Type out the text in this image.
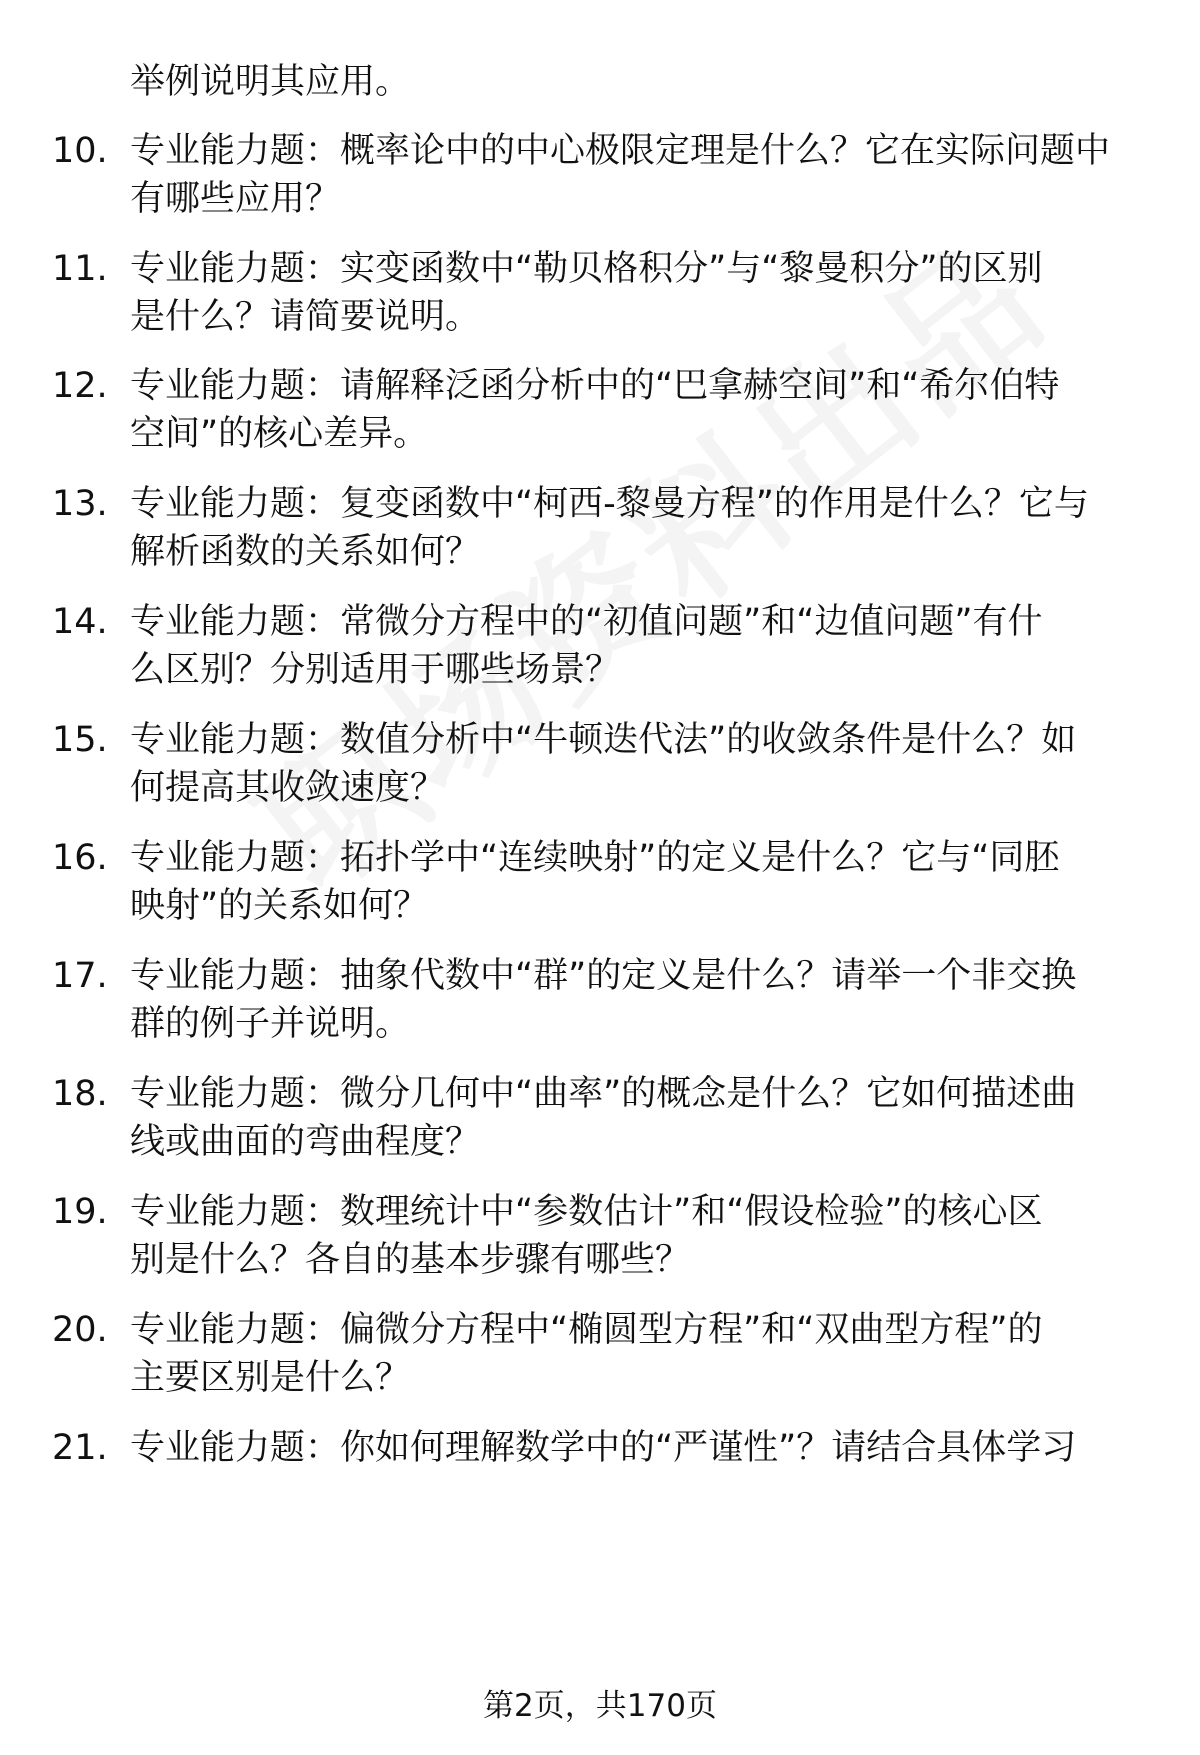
举例说明其应用。
10. 专业能力题：概率论中的中心极限定理是什么？它在实际问题中
有哪些应用？
11. 专业能力题：实变函数中“勒贝格积分”与“黎曼积分”的区别
是什么？请简要说明。
12. 专业能力题：请解释泛函分析中的“巴拿赫空间”和“希尔伯特
空间”的核心差异。
13. 专业能力题：复变函数中“柯西-黎曼方程”的作用是什么？它与
解析函数的关系如何？
14. 专业能力题：常微分方程中的“初值问题”和“边值问题”有什
么区别？分别适用于哪些场景？
15. 专业能力题：数值分析中“牛顿迭代法”的收敛条件是什么？如
何提高其收敛速度？
16. 专业能力题：拓扑学中“连续映射”的定义是什么？它与“同胚
映射”的关系如何？
17. 专业能力题：抽象代数中“群”的定义是什么？请举一个非交换
群的例子并说明。
18. 专业能力题：微分几何中“曲率”的概念是什么？它如何描述曲
线或曲面的弯曲程度？
19. 专业能力题：数理统计中“参数估计”和“假设检验”的核心区
别是什么？各自的基本步骤有哪些？
20. 专业能力题：偏微分方程中“椭圆型方程”和“双曲型方程”的
主要区别是什么？
21. 专业能力题：你如何理解数学中的“严谨性”？请结合具体学习
第2页，共170页
